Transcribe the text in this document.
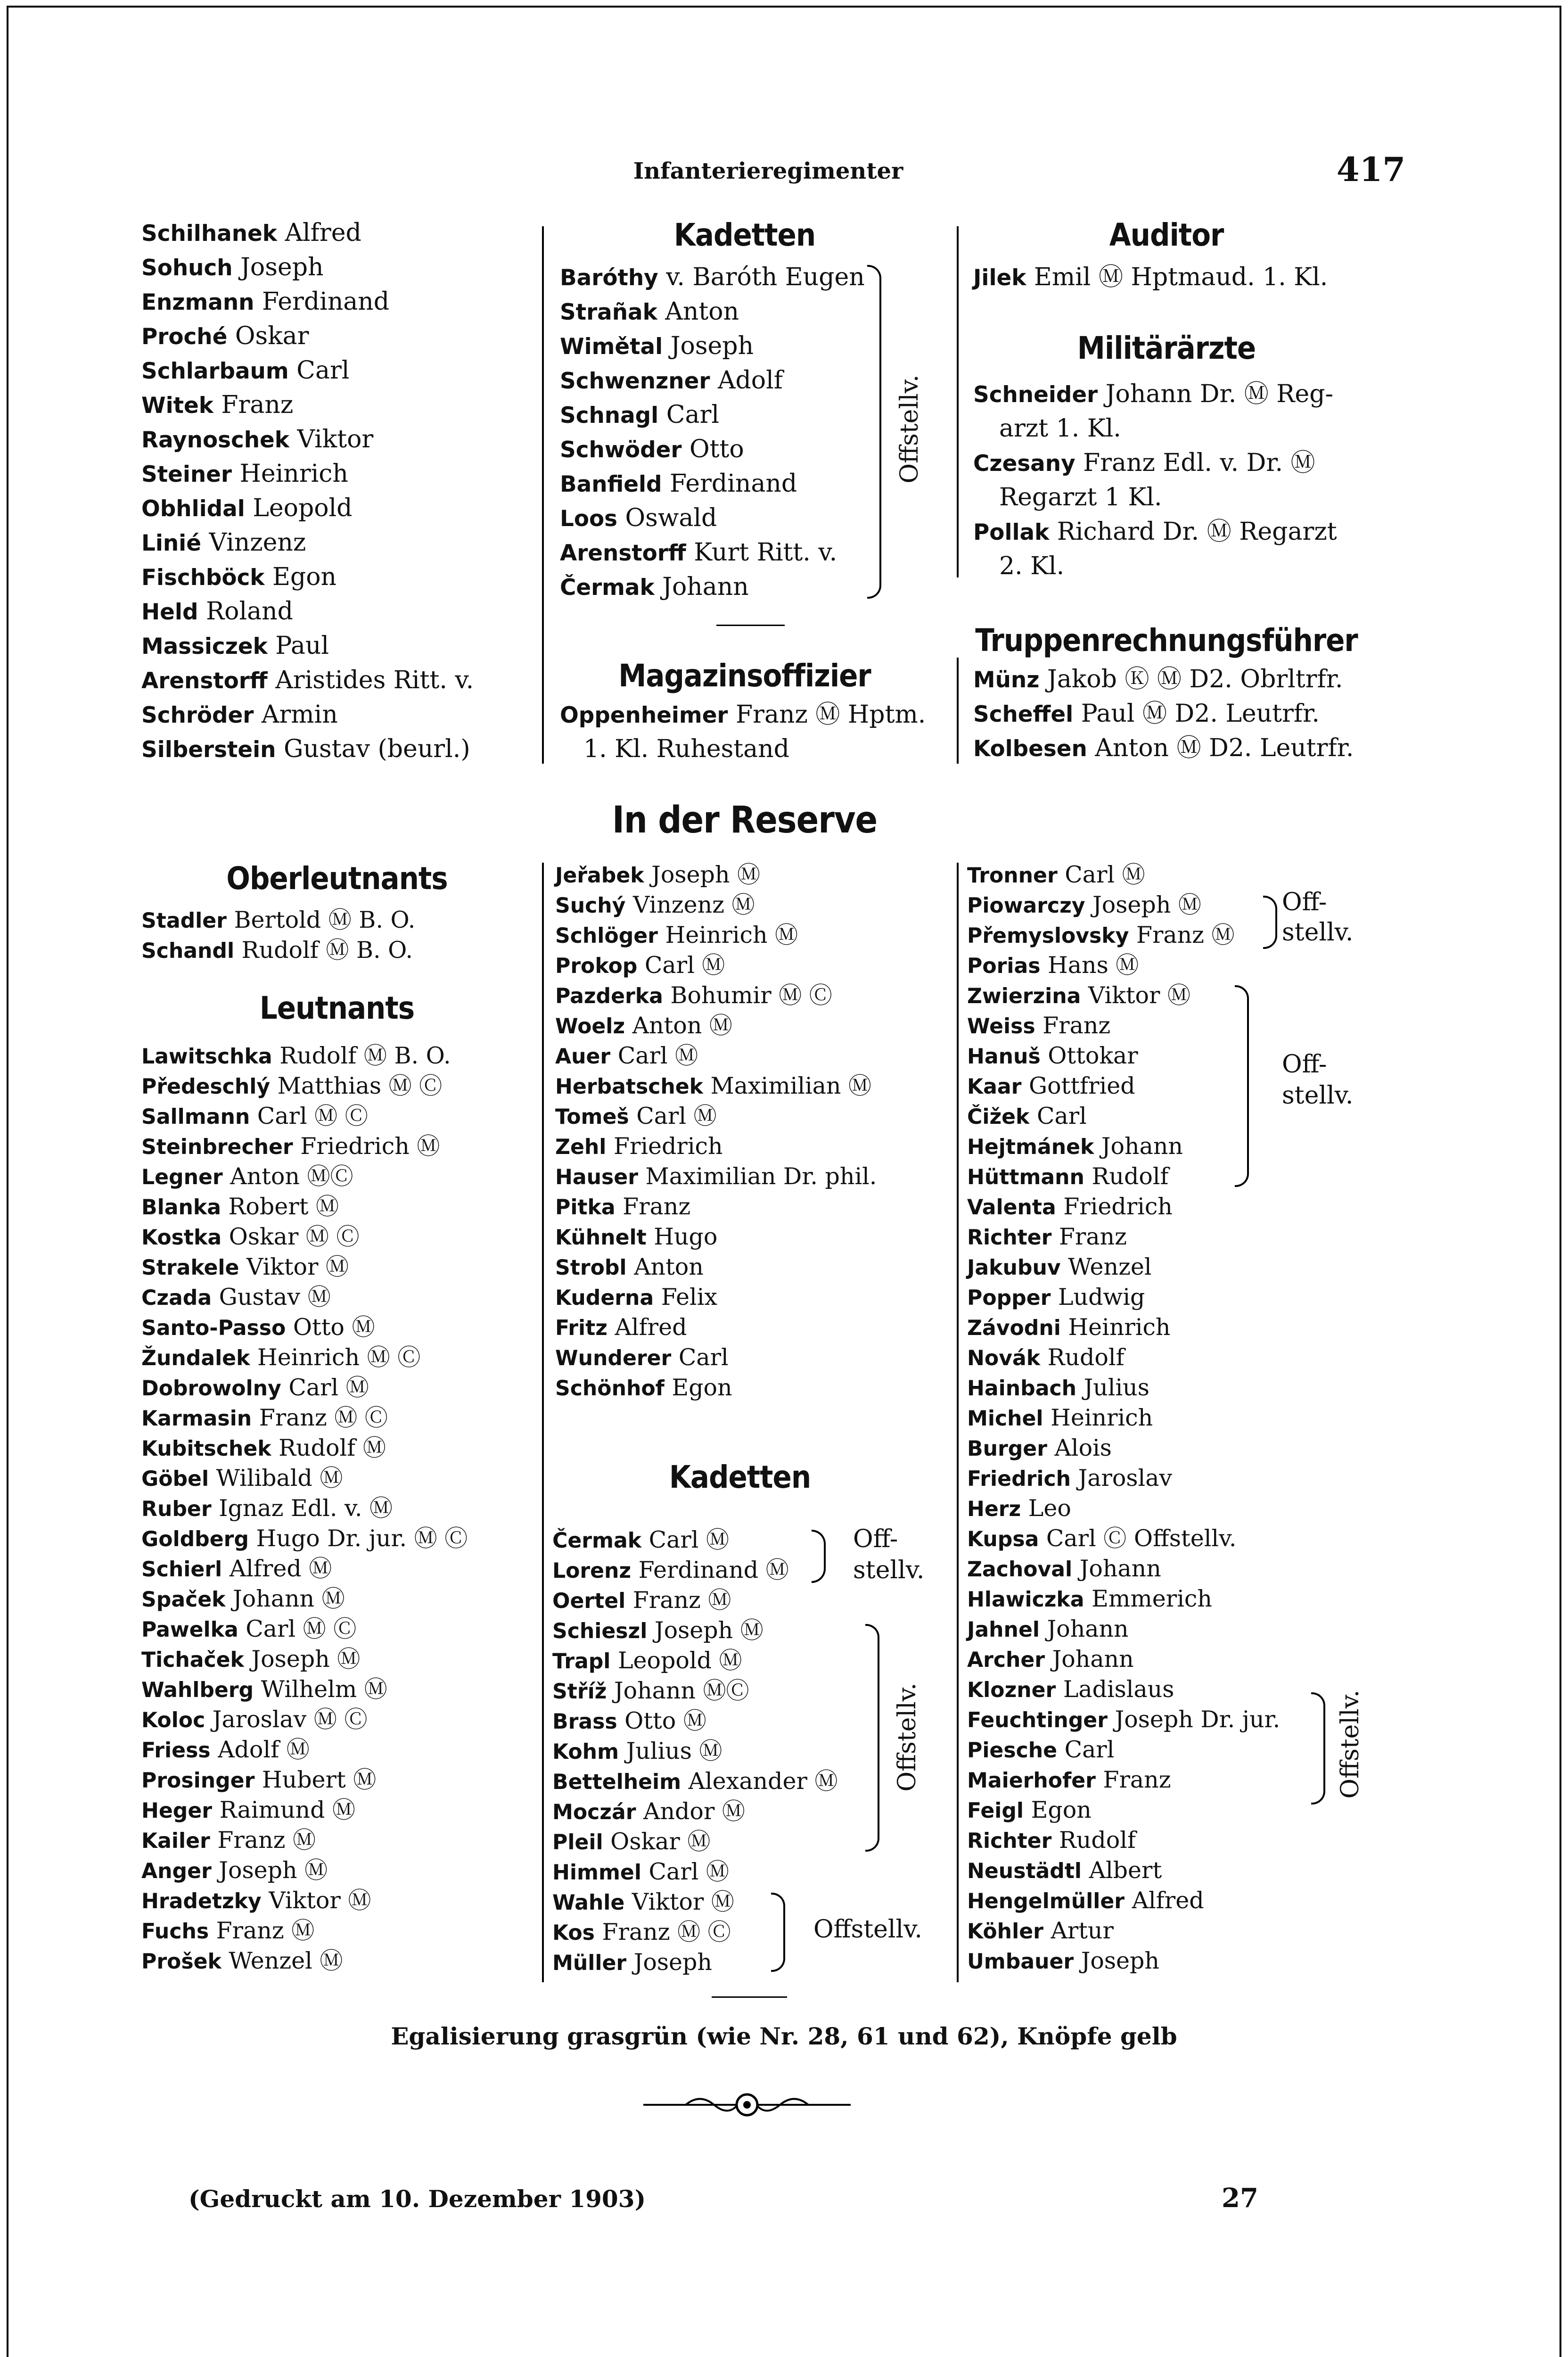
Infanterieregimenter	417
Schilhanek Alfred
Sohuch Joseph
Enzmann Ferdinand
Proché Oskar
Schlarbaum Carl
Witek Franz
Raynoschek Viktor
Steiner Heinrich
Obhlidal Leopold
Linié Vinzenz
Fischböck Egon
Held Roland
Massiczek Paul
Arenstorff Aristides Ritt. v.
Schröder Armin
Silberstein Gustav (beurl.)
Kadetten
Baróthy v. Baróth Eugen
Strañak Anton
Wimětal Joseph
Schwenzner Adolf
Schnagl Carl
Schwöder Otto
Banfield Ferdinand
Loos Oswald
Arenstorff Kurt Ritt. v.
Čermak Johann
Offstellv.
Magazinsoffizier
Oppenheimer Franz Ⓜ Hptm.
1. Kl. Ruhestand
Auditor
Jilek Emil Ⓜ Hptmaud. 1. Kl.
Militärärzte
Schneider Johann Dr. Ⓜ Reg-
arzt 1. Kl.
Czesany Franz Edl. v. Dr. Ⓜ
Regarzt 1 Kl.
Pollak Richard Dr. Ⓜ Regarzt
2. Kl.
Truppenrechnungsführer
Münz Jakob Ⓚ Ⓜ D2. Obrltrfr.
Scheffel Paul Ⓜ D2. Leutrfr.
Kolbesen Anton Ⓜ D2. Leutrfr.
In der Reserve
Oberleutnants
Stadler Bertold Ⓜ B. O.
Schandl Rudolf Ⓜ B. O.
Leutnants
Lawitschka Rudolf Ⓜ B. O.
Předeschlý Matthias Ⓜ Ⓒ
Sallmann Carl Ⓜ Ⓒ
Steinbrecher Friedrich Ⓜ
Legner Anton ⓂⒸ
Blanka Robert Ⓜ
Kostka Oskar Ⓜ Ⓒ
Strakele Viktor Ⓜ
Czada Gustav Ⓜ
Santo-Passo Otto Ⓜ
Žundalek Heinrich Ⓜ Ⓒ
Dobrowolny Carl Ⓜ
Karmasin Franz Ⓜ Ⓒ
Kubitschek Rudolf Ⓜ
Göbel Wilibald Ⓜ
Ruber Ignaz Edl. v. Ⓜ
Goldberg Hugo Dr. jur. Ⓜ Ⓒ
Schierl Alfred Ⓜ
Spaček Johann Ⓜ
Pawelka Carl Ⓜ Ⓒ
Tichaček Joseph Ⓜ
Wahlberg Wilhelm Ⓜ
Koloc Jaroslav Ⓜ Ⓒ
Friess Adolf Ⓜ
Prosinger Hubert Ⓜ
Heger Raimund Ⓜ
Kailer Franz Ⓜ
Anger Joseph Ⓜ
Hradetzky Viktor Ⓜ
Fuchs Franz Ⓜ
Prošek Wenzel Ⓜ
Jeřabek Joseph Ⓜ
Suchý Vinzenz Ⓜ
Schlöger Heinrich Ⓜ
Prokop Carl Ⓜ
Pazderka Bohumir Ⓜ Ⓒ
Woelz Anton Ⓜ
Auer Carl Ⓜ
Herbatschek Maximilian Ⓜ
Tomeš Carl Ⓜ
Zehl Friedrich
Hauser Maximilian Dr. phil.
Pitka Franz
Kühnelt Hugo
Strobl Anton
Kuderna Felix
Fritz Alfred
Wunderer Carl
Schönhof Egon
Kadetten
Čermak Carl Ⓜ
Lorenz Ferdinand Ⓜ
Oertel Franz Ⓜ
Schieszl Joseph Ⓜ
Trapl Leopold Ⓜ
Stříž Johann ⓂⒸ
Brass Otto Ⓜ
Kohm Julius Ⓜ
Bettelheim Alexander Ⓜ
Moczár Andor Ⓜ
Pleil Oskar Ⓜ
Himmel Carl Ⓜ
Wahle Viktor Ⓜ
Kos Franz Ⓜ Ⓒ
Müller Joseph
Off-
stellv.
Offstellv.
Offstellv.
Tronner Carl Ⓜ
Piowarczy Joseph Ⓜ
Přemyslovsky Franz Ⓜ
Porias Hans Ⓜ
Zwierzina Viktor Ⓜ
Weiss Franz
Hanuš Ottokar
Kaar Gottfried
Čižek Carl
Hejtmánek Johann
Hüttmann Rudolf
Valenta Friedrich
Richter Franz
Jakubuv Wenzel
Popper Ludwig
Závodni Heinrich
Novák Rudolf
Hainbach Julius
Michel Heinrich
Burger Alois
Friedrich Jaroslav
Herz Leo
Kupsa Carl Ⓒ Offstellv.
Zachoval Johann
Hlawiczka Emmerich
Jahnel Johann
Archer Johann
Klozner Ladislaus
Feuchtinger Joseph Dr. jur.
Piesche Carl
Maierhofer Franz
Feigl Egon
Richter Rudolf
Neustädtl Albert
Hengelmüller Alfred
Köhler Artur
Umbauer Joseph
Off-
stellv.
Off-
stellv.
Offstellv.
Egalisierung grasgrün (wie Nr. 28, 61 und 62), Knöpfe gelb
(Gedruckt am 10. Dezember 1903)	27
